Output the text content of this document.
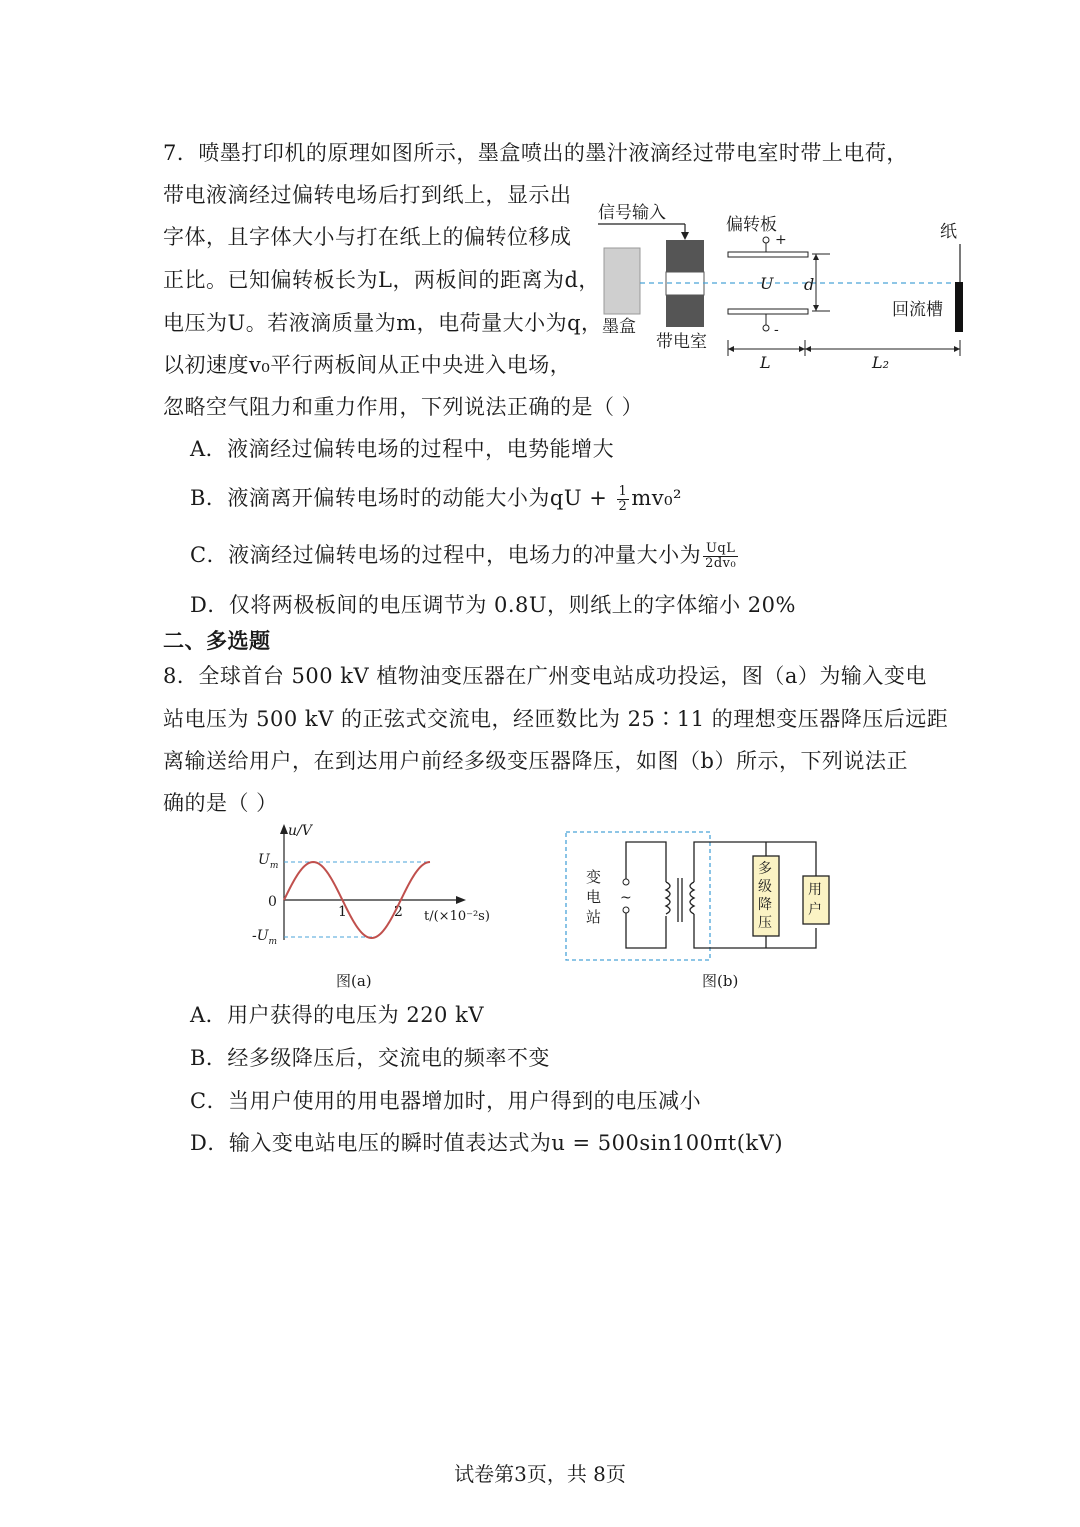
7．喷墨打印机的原理如图所示，墨盒喷出的墨汁液滴经过带电室时带上电荷，
带电液滴经过偏转电场后打到纸上，显示出
字体，且字体大小与打在纸上的偏转位移成
正比。已知偏转板长为L，两板间的距离为d，
电压为U。若液滴质量为m，电荷量大小为q，
以初速度v₀平行两板间从正中央进入电场，
忽略空气阻力和重力作用，下列说法正确的是（ ）
信号输入
偏转板
+
-
U d
纸
回流槽
墨盒
带电室
L	L₂
A．液滴经过偏转电场的过程中，电势能增大
B．液滴离开偏转电场时的动能大小为qU + $\frac{1}{2} mv_0^2$
C．液滴经过偏转电场的过程中，电场力的冲量大小为 $\frac{\text{UqL}}{\text{2dv₀}}$
D．仅将两极板间的电压调节为 0.8U，则纸上的字体缩小 20%
二、多选题
8．全球首台 500 kV 植物油变压器在广州变电站成功投运，图（a）为输入变电
站电压为 500 kV 的正弦式交流电，经匝数比为 25∶11 的理想变压器降压后远距
离输送给用户，在到达用户前经多级变压器降压，如图（b）所示，下列说法正
确的是（ ）
u/V
t/(×10⁻²s)
$U_m$
0
$-U_m$
1	2
图(a)
变
电
站
~
多
级
降
压
用
户
图(b)
A．用户获得的电压为 220 kV
B．经多级降压后，交流电的频率不变
C．当用户使用的用电器增加时，用户得到的电压减小
D．输入变电站电压的瞬时值表达式为u = 500sin100πt(kV)
试卷第3页，共 8页
